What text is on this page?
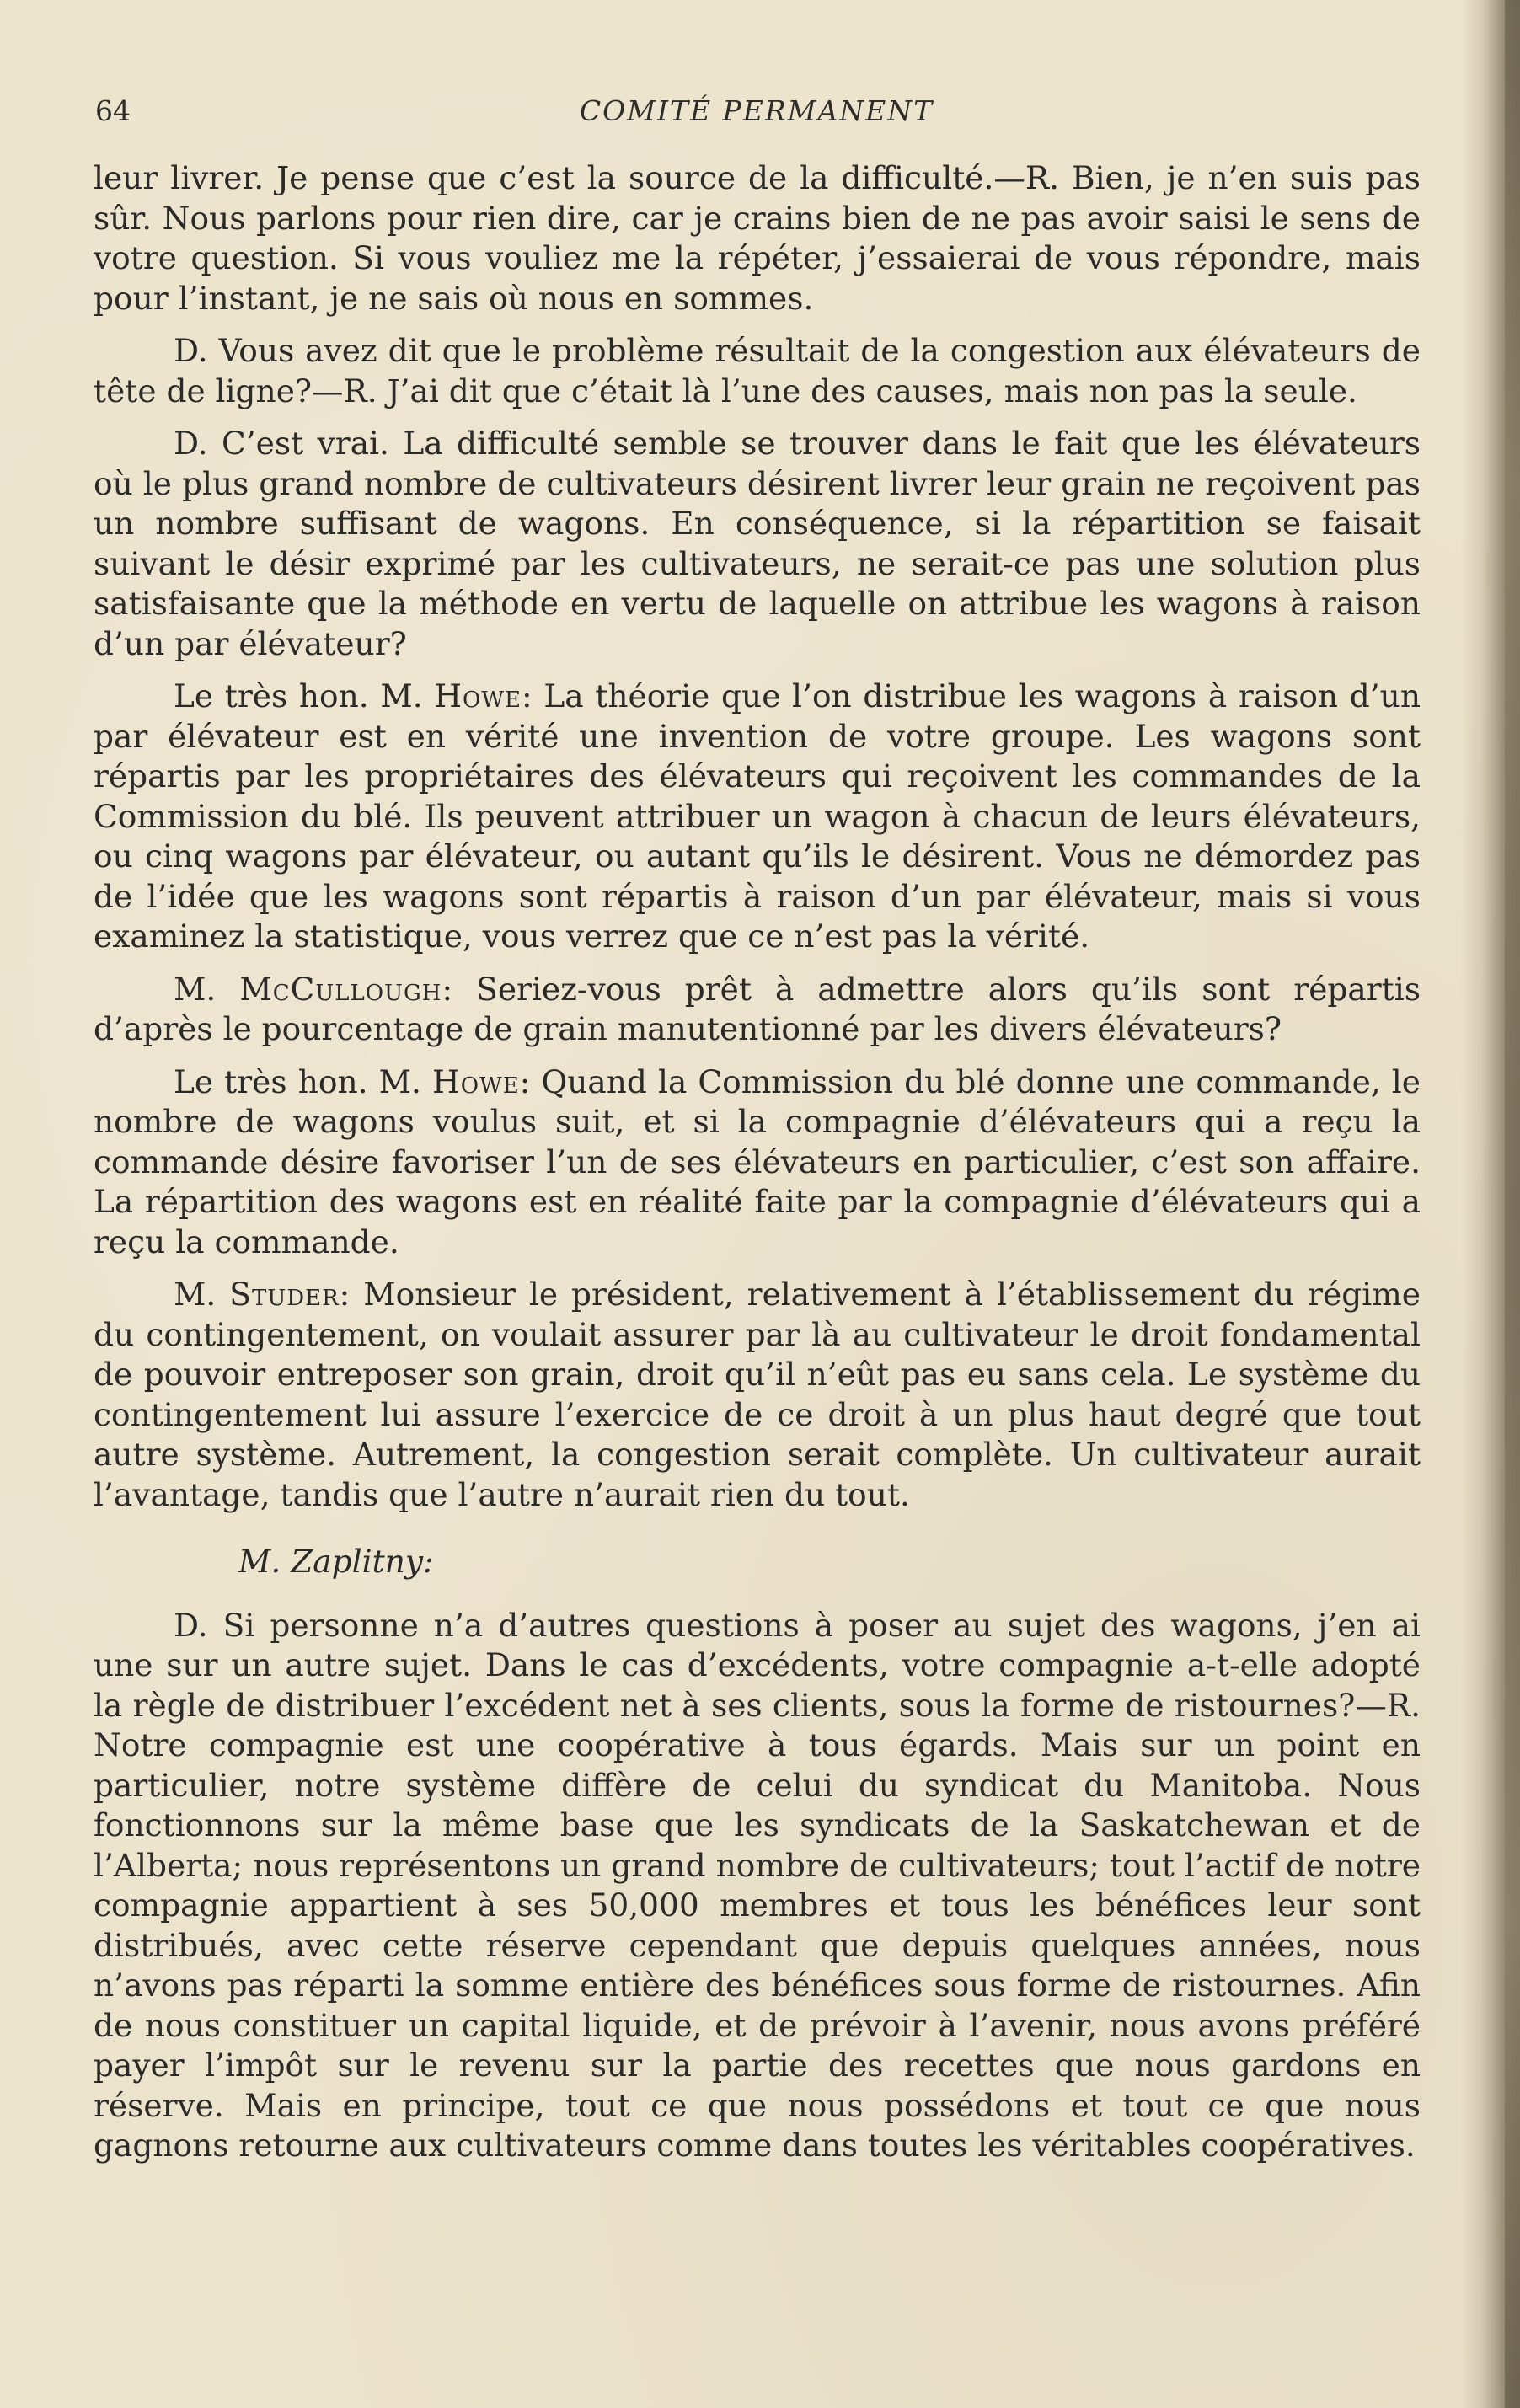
64	COMITÉ PERMANENT

leur livrer. Je pense que c’est la source de la difficulté.—R. Bien, je n’en suis pas sûr. Nous parlons pour rien dire, car je crains bien de ne pas avoir saisi le sens de votre question. Si vous vouliez me la répéter, j’essaierai de vous répondre, mais pour l’instant, je ne sais où nous en sommes.

D. Vous avez dit que le problème résultait de la congestion aux élévateurs de tête de ligne?—R. J’ai dit que c’était là l’une des causes, mais non pas la seule.

D. C’est vrai. La difficulté semble se trouver dans le fait que les élévateurs où le plus grand nombre de cultivateurs désirent livrer leur grain ne reçoivent pas un nombre suffisant de wagons. En conséquence, si la répartition se faisait suivant le désir exprimé par les cultivateurs, ne serait-ce pas une solution plus satisfaisante que la méthode en vertu de laquelle on attribue les wagons à raison d’un par élévateur?

Le très hon. M. Howe: La théorie que l’on distribue les wagons à raison d’un par élévateur est en vérité une invention de votre groupe. Les wagons sont répartis par les propriétaires des élévateurs qui reçoivent les commandes de la Commission du blé. Ils peuvent attribuer un wagon à chacun de leurs élévateurs, ou cinq wagons par élévateur, ou autant qu’ils le désirent. Vous ne démordez pas de l’idée que les wagons sont répartis à raison d’un par élévateur, mais si vous examinez la statistique, vous verrez que ce n’est pas la vérité.

M. McCullough: Seriez-vous prêt à admettre alors qu’ils sont répartis d’après le pourcentage de grain manutentionné par les divers élévateurs?

Le très hon. M. Howe: Quand la Commission du blé donne une commande, le nombre de wagons voulus suit, et si la compagnie d’élévateurs qui a reçu la commande désire favoriser l’un de ses élévateurs en particulier, c’est son affaire. La répartition des wagons est en réalité faite par la compagnie d’élévateurs qui a reçu la commande.

M. Studer: Monsieur le président, relativement à l’établissement du régime du contingentement, on voulait assurer par là au cultivateur le droit fondamental de pouvoir entreposer son grain, droit qu’il n’eût pas eu sans cela. Le système du contingentement lui assure l’exercice de ce droit à un plus haut degré que tout autre système. Autrement, la congestion serait complète. Un cultivateur aurait l’avantage, tandis que l’autre n’aurait rien du tout.

M. Zaplitny:

D. Si personne n’a d’autres questions à poser au sujet des wagons, j’en ai une sur un autre sujet. Dans le cas d’excédents, votre compagnie a-t-elle adopté la règle de distribuer l’excédent net à ses clients, sous la forme de ristournes?—R. Notre compagnie est une coopérative à tous égards. Mais sur un point en particulier, notre système diffère de celui du syndicat du Manitoba. Nous fonctionnons sur la même base que les syndicats de la Saskatchewan et de l’Alberta; nous représentons un grand nombre de cultivateurs; tout l’actif de notre compagnie appartient à ses 50,000 membres et tous les bénéfices leur sont distribués, avec cette réserve cependant que depuis quelques années, nous n’avons pas réparti la somme entière des bénéfices sous forme de ristournes. Afin de nous constituer un capital liquide, et de prévoir à l’avenir, nous avons préféré payer l’impôt sur le revenu sur la partie des recettes que nous gardons en réserve. Mais en principe, tout ce que nous possédons et tout ce que nous gagnons retourne aux cultivateurs comme dans toutes les véritables coopératives.
